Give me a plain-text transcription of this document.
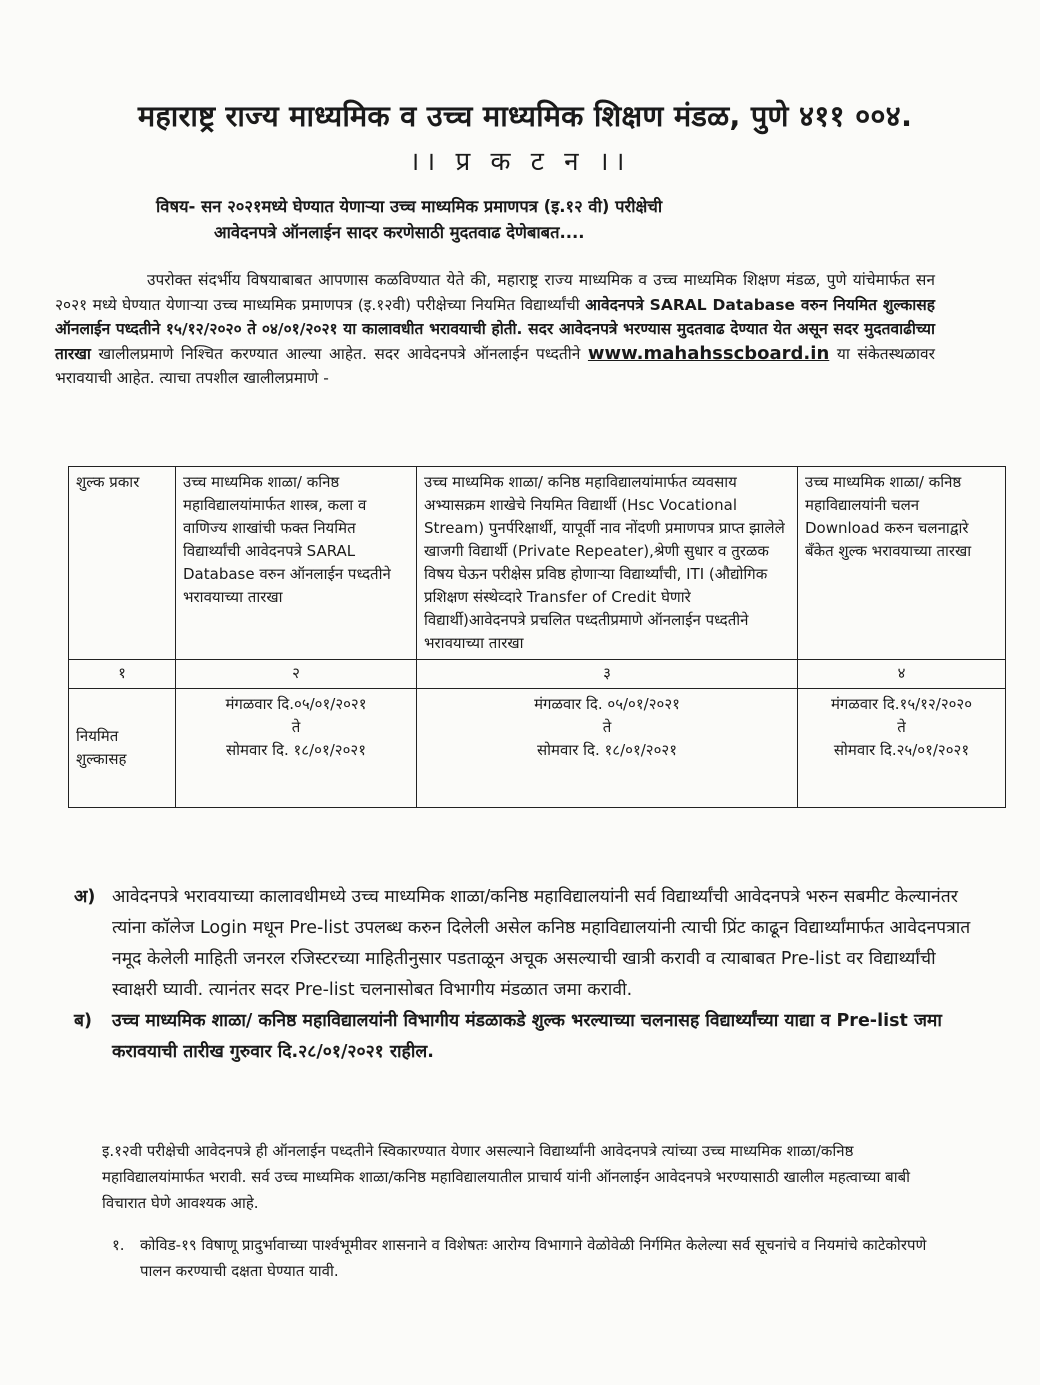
महाराष्ट्र राज्य माध्यमिक व उच्च माध्यमिक शिक्षण मंडळ, पुणे ४११ ००४.
।। प्र क ट न ।।
विषय- सन २०२१मध्ये घेण्यात येणाऱ्या उच्च माध्यमिक प्रमाणपत्र (इ.१२ वी) परीक्षेची
आवेदनपत्रे ऑनलाईन सादर करणेसाठी मुदतवाढ देणेबाबत....
उपरोक्त संदर्भीय विषयाबाबत आपणास कळविण्यात येते की, महाराष्ट्र राज्य माध्यमिक व उच्च माध्यमिक शिक्षण मंडळ, पुणे यांचेमार्फत सन २०२१ मध्ये घेण्यात येणाऱ्या उच्च माध्यमिक प्रमाणपत्र (इ.१२वी) परीक्षेच्या नियमित विद्यार्थ्यांची आवेदनपत्रे SARAL Database वरुन नियमित शुल्कासह ऑनलाईन पध्दतीने १५/१२/२०२० ते ०४/०१/२०२१ या कालावधीत भरावयाची होती. सदर आवेदनपत्रे भरण्यास मुदतवाढ देण्यात येत असून सदर मुदतवाढीच्या तारखा खालीलप्रमाणे निश्चित करण्यात आल्या आहेत. सदर आवेदनपत्रे ऑनलाईन पध्दतीने www.mahahsscboard.in या संकेतस्थळावर भरावयाची आहेत. त्याचा तपशील खालीलप्रमाणे -
शुल्क प्रकार	उच्च माध्यमिक शाळा/ कनिष्ठ महाविद्यालयांमार्फत शास्त्र, कला व वाणिज्य शाखांची फक्त नियमित विद्यार्थ्यांची आवेदनपत्रे SARAL Database वरुन ऑनलाईन पध्दतीने भरावयाच्या तारखा	उच्च माध्यमिक शाळा/ कनिष्ठ महाविद्यालयांमार्फत व्यवसाय अभ्यासक्रम शाखेचे नियमित विद्यार्थी (Hsc Vocational Stream) पुनर्परिक्षार्थी, यापूर्वी नाव नोंदणी प्रमाणपत्र प्राप्त झालेले खाजगी विद्यार्थी (Private Repeater),श्रेणी सुधार व तुरळक विषय घेऊन परीक्षेस प्रविष्ठ होणाऱ्या विद्यार्थ्यांची, ITI (औद्योगिक प्रशिक्षण संस्थेव्दारे Transfer of Credit घेणारे विद्यार्थी)आवेदनपत्रे प्रचलित पध्दतीप्रमाणे ऑनलाईन पध्दतीने भरावयाच्या तारखा	उच्च माध्यमिक शाळा/ कनिष्ठ महाविद्यालयांनी चलन Download करुन चलनाद्वारे बँकेत शुल्क भरावयाच्या तारखा
१	२	३	४
नियमित शुल्कासह	मंगळवार दि.०५/०१/२०२१
ते
सोमवार दि. १८/०१/२०२१	मंगळवार दि. ०५/०१/२०२१
ते
सोमवार दि. १८/०१/२०२१	मंगळवार दि.१५/१२/२०२०
ते
सोमवार दि.२५/०१/२०२१
अ) आवेदनपत्रे भरावयाच्या कालावधीमध्ये उच्च माध्यमिक शाळा/कनिष्ठ महाविद्यालयांनी सर्व विद्यार्थ्यांची आवेदनपत्रे भरुन सबमीट केल्यानंतर त्यांना कॉलेज Login मधून Pre-list उपलब्ध करुन दिलेली असेल कनिष्ठ महाविद्यालयांनी त्याची प्रिंट काढून विद्यार्थ्यांमार्फत आवेदनपत्रात नमूद केलेली माहिती जनरल रजिस्टरच्या माहितीनुसार पडताळून अचूक असल्याची खात्री करावी व त्याबाबत Pre-list वर विद्यार्थ्यांची स्वाक्षरी घ्यावी. त्यानंतर सदर Pre-list चलनासोबत विभागीय मंडळात जमा करावी.
ब)	उच्च माध्यमिक शाळा/ कनिष्ठ महाविद्यालयांनी विभागीय मंडळाकडे शुल्क भरल्याच्या चलनासह विद्यार्थ्यांच्या याद्या व Pre-list जमा करावयाची तारीख गुरुवार दि.२८/०१/२०२१ राहील.
इ.१२वी परीक्षेची आवेदनपत्रे ही ऑनलाईन पध्दतीने स्विकारण्यात येणार असल्याने विद्यार्थ्यांनी आवेदनपत्रे त्यांच्या उच्च माध्यमिक शाळा/कनिष्ठ महाविद्यालयांमार्फत भरावी. सर्व उच्च माध्यमिक शाळा/कनिष्ठ महाविद्यालयातील प्राचार्य यांनी ऑनलाईन आवेदनपत्रे भरण्यासाठी खालील महत्वाच्या बाबी विचारात घेणे आवश्यक आहे.
१.	कोविड-१९ विषाणू प्रादुर्भावाच्या पार्श्वभूमीवर शासनाने व विशेषतः आरोग्य विभागाने वेळोवेळी निर्गमित केलेल्या सर्व सूचनांचे व नियमांचे काटेकोरपणे पालन करण्याची दक्षता घेण्यात यावी.
